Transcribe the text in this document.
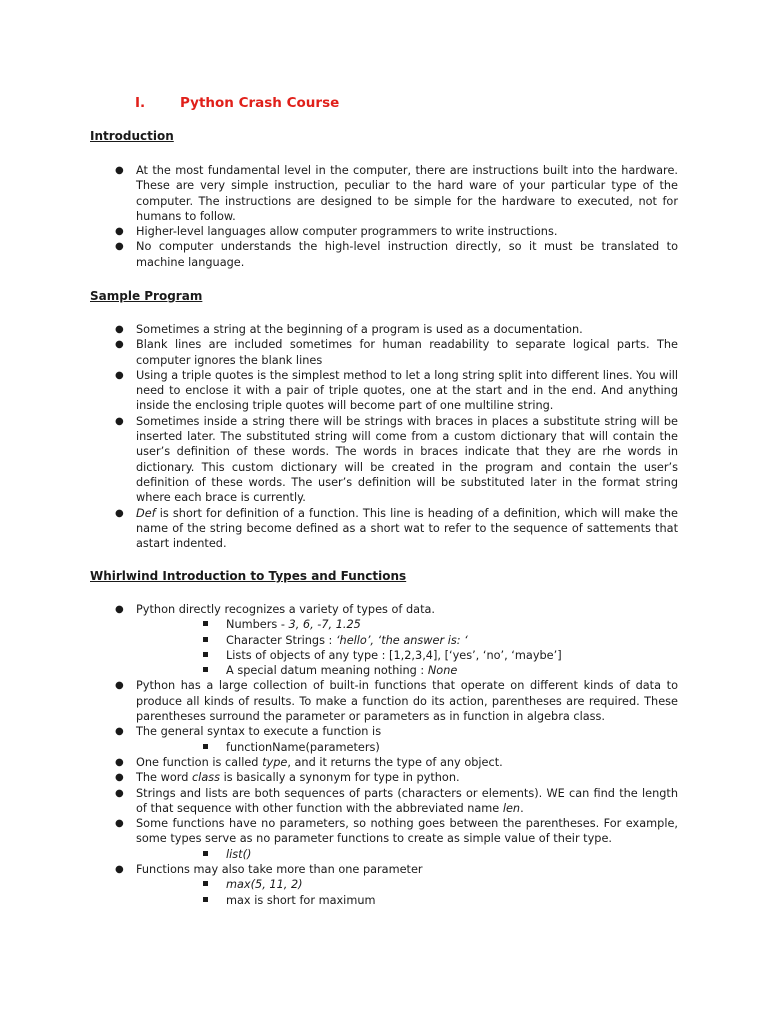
I.	Python Crash Course
Introduction
● At the most fundamental level in the computer, there are instructions built into the hardware. These are very simple instruction, peculiar to the hard ware of your particular type of the computer. The instructions are designed to be simple for the hardware to executed, not for humans to follow.
● Higher-level languages allow computer programmers to write instructions.
● No computer understands the high-level instruction directly, so it must be translated to machine language.
Sample Program
● Sometimes a string at the beginning of a program is used as a documentation.
● Blank lines are included sometimes for human readability to separate logical parts. The computer ignores the blank lines
● Using a triple quotes is the simplest method to let a long string split into different lines. You will need to enclose it with a pair of triple quotes, one at the start and in the end. And anything inside the enclosing triple quotes will become part of one multiline string.
● Sometimes inside a string there will be strings with braces in places a substitute string will be inserted later. The substituted string will come from a custom dictionary that will contain the user’s definition of these words. The words in braces indicate that they are rhe words in dictionary. This custom dictionary will be created in the program and contain the user’s definition of these words. The user’s definition will be substituted later in the format string where each brace is currently.
● Def is short for definition of a function. This line is heading of a definition, which will make the name of the string become defined as a short wat to refer to the sequence of sattements that astart indented.
Whirlwind Introduction to Types and Functions
● Python directly recognizes a variety of types of data.
Numbers - 3, 6, -7, 1.25
Character Strings : ‘hello’, ‘the answer is: ‘
Lists of objects of any type : [1,2,3,4], [‘yes’, ‘no’, ‘maybe’]
A special datum meaning nothing : None
● Python has a large collection of built-in functions that operate on different kinds of data to produce all kinds of results. To make a function do its action, parentheses are required. These parentheses surround the parameter or parameters as in function in algebra class.
● The general syntax to execute a function is
functionName(parameters)
● One function is called type, and it returns the type of any object.
● The word class is basically a synonym for type in python.
● Strings and lists are both sequences of parts (characters or elements). WE can find the length of that sequence with other function with the abbreviated name len.
● Some functions have no parameters, so nothing goes between the parentheses. For example, some types serve as no parameter functions to create as simple value of their type.
list()
● Functions may also take more than one parameter
max(5, 11, 2)
max is short for maximum
